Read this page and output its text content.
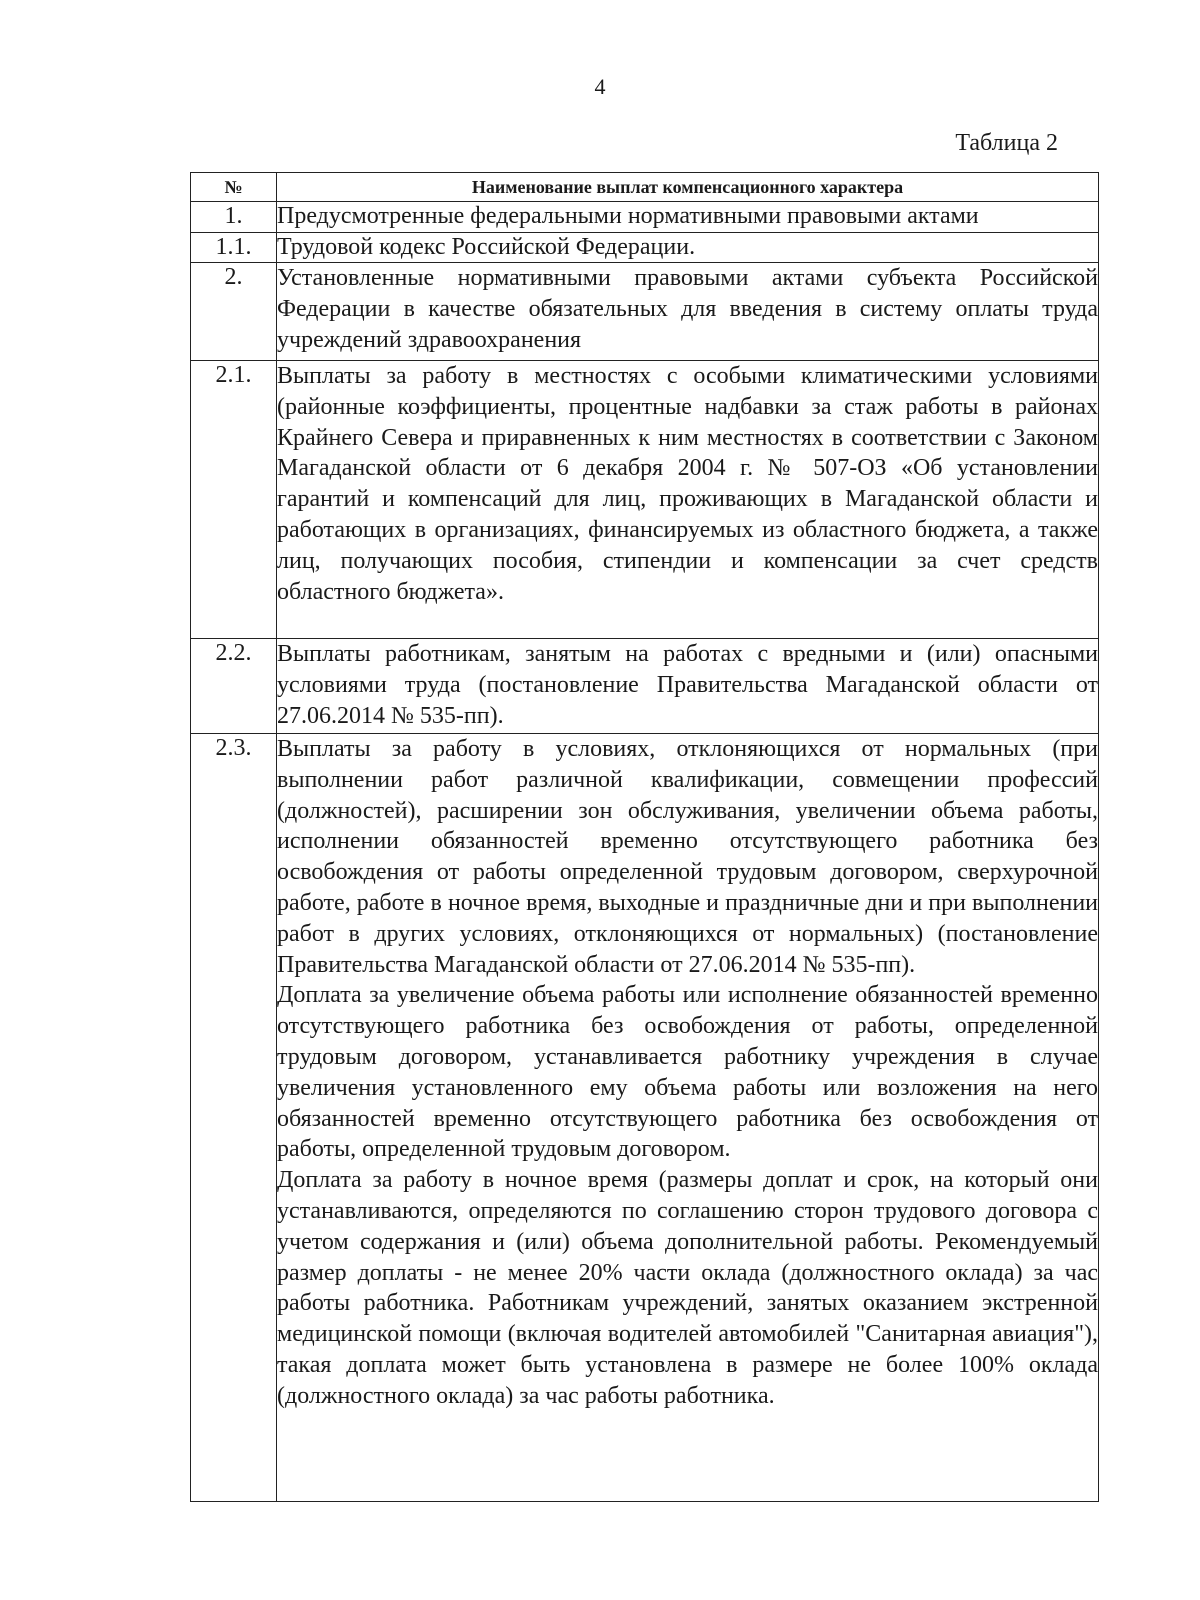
4
Таблица 2
№	Наименование выплат компенсационного характера
1.	Предусмотренные федеральными нормативными правовыми актами

1.1.	Трудовой кодекс Российской Федерации.

2.	Установленные нормативными правовыми актами субъекта Российской Федерации в качестве обязательных для введения в систему оплаты труда учреждений здравоохранения

2.1.	Выплаты за работу в местностях с особыми климатическими условиями (районные коэффициенты, процентные надбавки за стаж работы в районах Крайнего Севера и приравненных к ним местностях в соответствии с Законом Магаданской области от 6 декабря 2004 г. № 507-ОЗ «Об установлении гарантий и компенсаций для лиц, проживающих в Магаданской области и работающих в организациях, финансируемых из областного бюджета, а также лиц, получающих пособия, стипендии и компенсации за счет средств областного бюджета».

2.2.	Выплаты работникам, занятым на работах с вредными и (или) опасными условиями труда (постановление Правительства Магаданской области от 27.06.2014 № 535-пп).

2.3.	Выплаты за работу в условиях, отклоняющихся от нормальных (при выполнении работ различной квалификации, совмещении профессий (должностей), расширении зон обслуживания, увеличении объема работы, исполнении обязанностей временно отсутствующего работника без освобождения от работы определенной трудовым договором, сверхурочной работе, работе в ночное время, выходные и праздничные дни и при выполнении работ в других условиях, отклоняющихся от нормальных) (постановление Правительства Магаданской области от 27.06.2014 № 535-пп).

Доплата за увеличение объема работы или исполнение обязанностей временно отсутствующего работника без освобождения от работы, определенной трудовым договором, устанавливается работнику учреждения в случае увеличения установленного ему объема работы или возложения на него обязанностей временно отсутствующего работника без освобождения от работы, определенной трудовым договором.

Доплата за работу в ночное время (размеры доплат и срок, на который они устанавливаются, определяются по соглашению сторон трудового договора с учетом содержания и (или) объема дополнительной работы. Рекомендуемый размер доплаты - не менее 20% части оклада (должностного оклада) за час работы работника. Работникам учреждений, занятых оказанием экстренной медицинской помощи (включая водителей автомобилей "Санитарная авиация"), такая доплата может быть установлена в размере не более 100% оклада (должностного оклада) за час работы работника.
